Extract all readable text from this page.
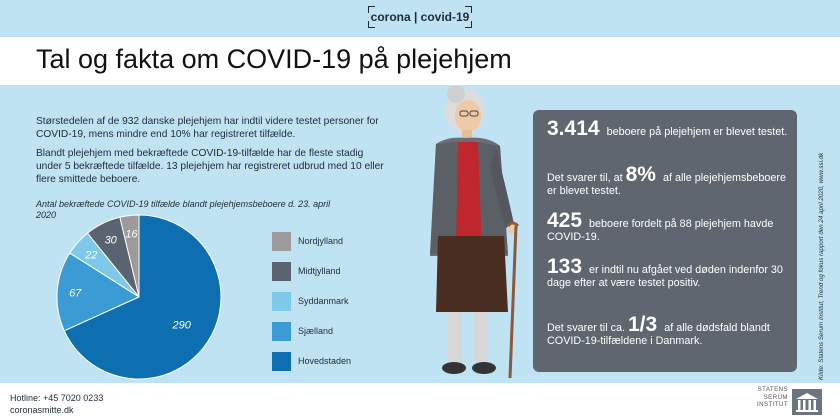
corona | covid-19
Tal og fakta om COVID-19 på plejehjem

Størstedelen af de 932 danske plejehjem har indtil videre testet personer for COVID-19, mens mindre end 10% har registreret tilfælde.

Blandt plejehjem med bekræftede COVID-19-tilfælde har de fleste stadig under 5 bekræftede tilfælde. 13 plejehjem har registreret udbrud med 10 eller flere smittede beboere.

Antal bekræftede COVID-19 tilfælde blandt plejehjemsbeboere d. 23. april 2020
16
30
22
67
290
Nordjylland
Midtjylland
Syddanmark
Sjælland
Hovedstaden
3.414 beboere på plejehjem er blevet testet.
Det svarer til, at 8% af alle plejehjemsbeboere er blevet testet.
425 beboere fordelt på 88 plejehjem havde COVID-19.
133 er indtil nu afgået ved døden indenfor 30 dage efter at være testet positiv.
Det svarer til ca. 1/3 af alle dødsfald blandt COVID-19-tilfældene i Danmark.	Kilde: Statens Serum Institut, Trend og fokus rapport den 24 april 2020, www.ssi.dk
Hotline: +45 7020 0233
coronasmitte.dk
STATENS
SERUM
INSTITUT
